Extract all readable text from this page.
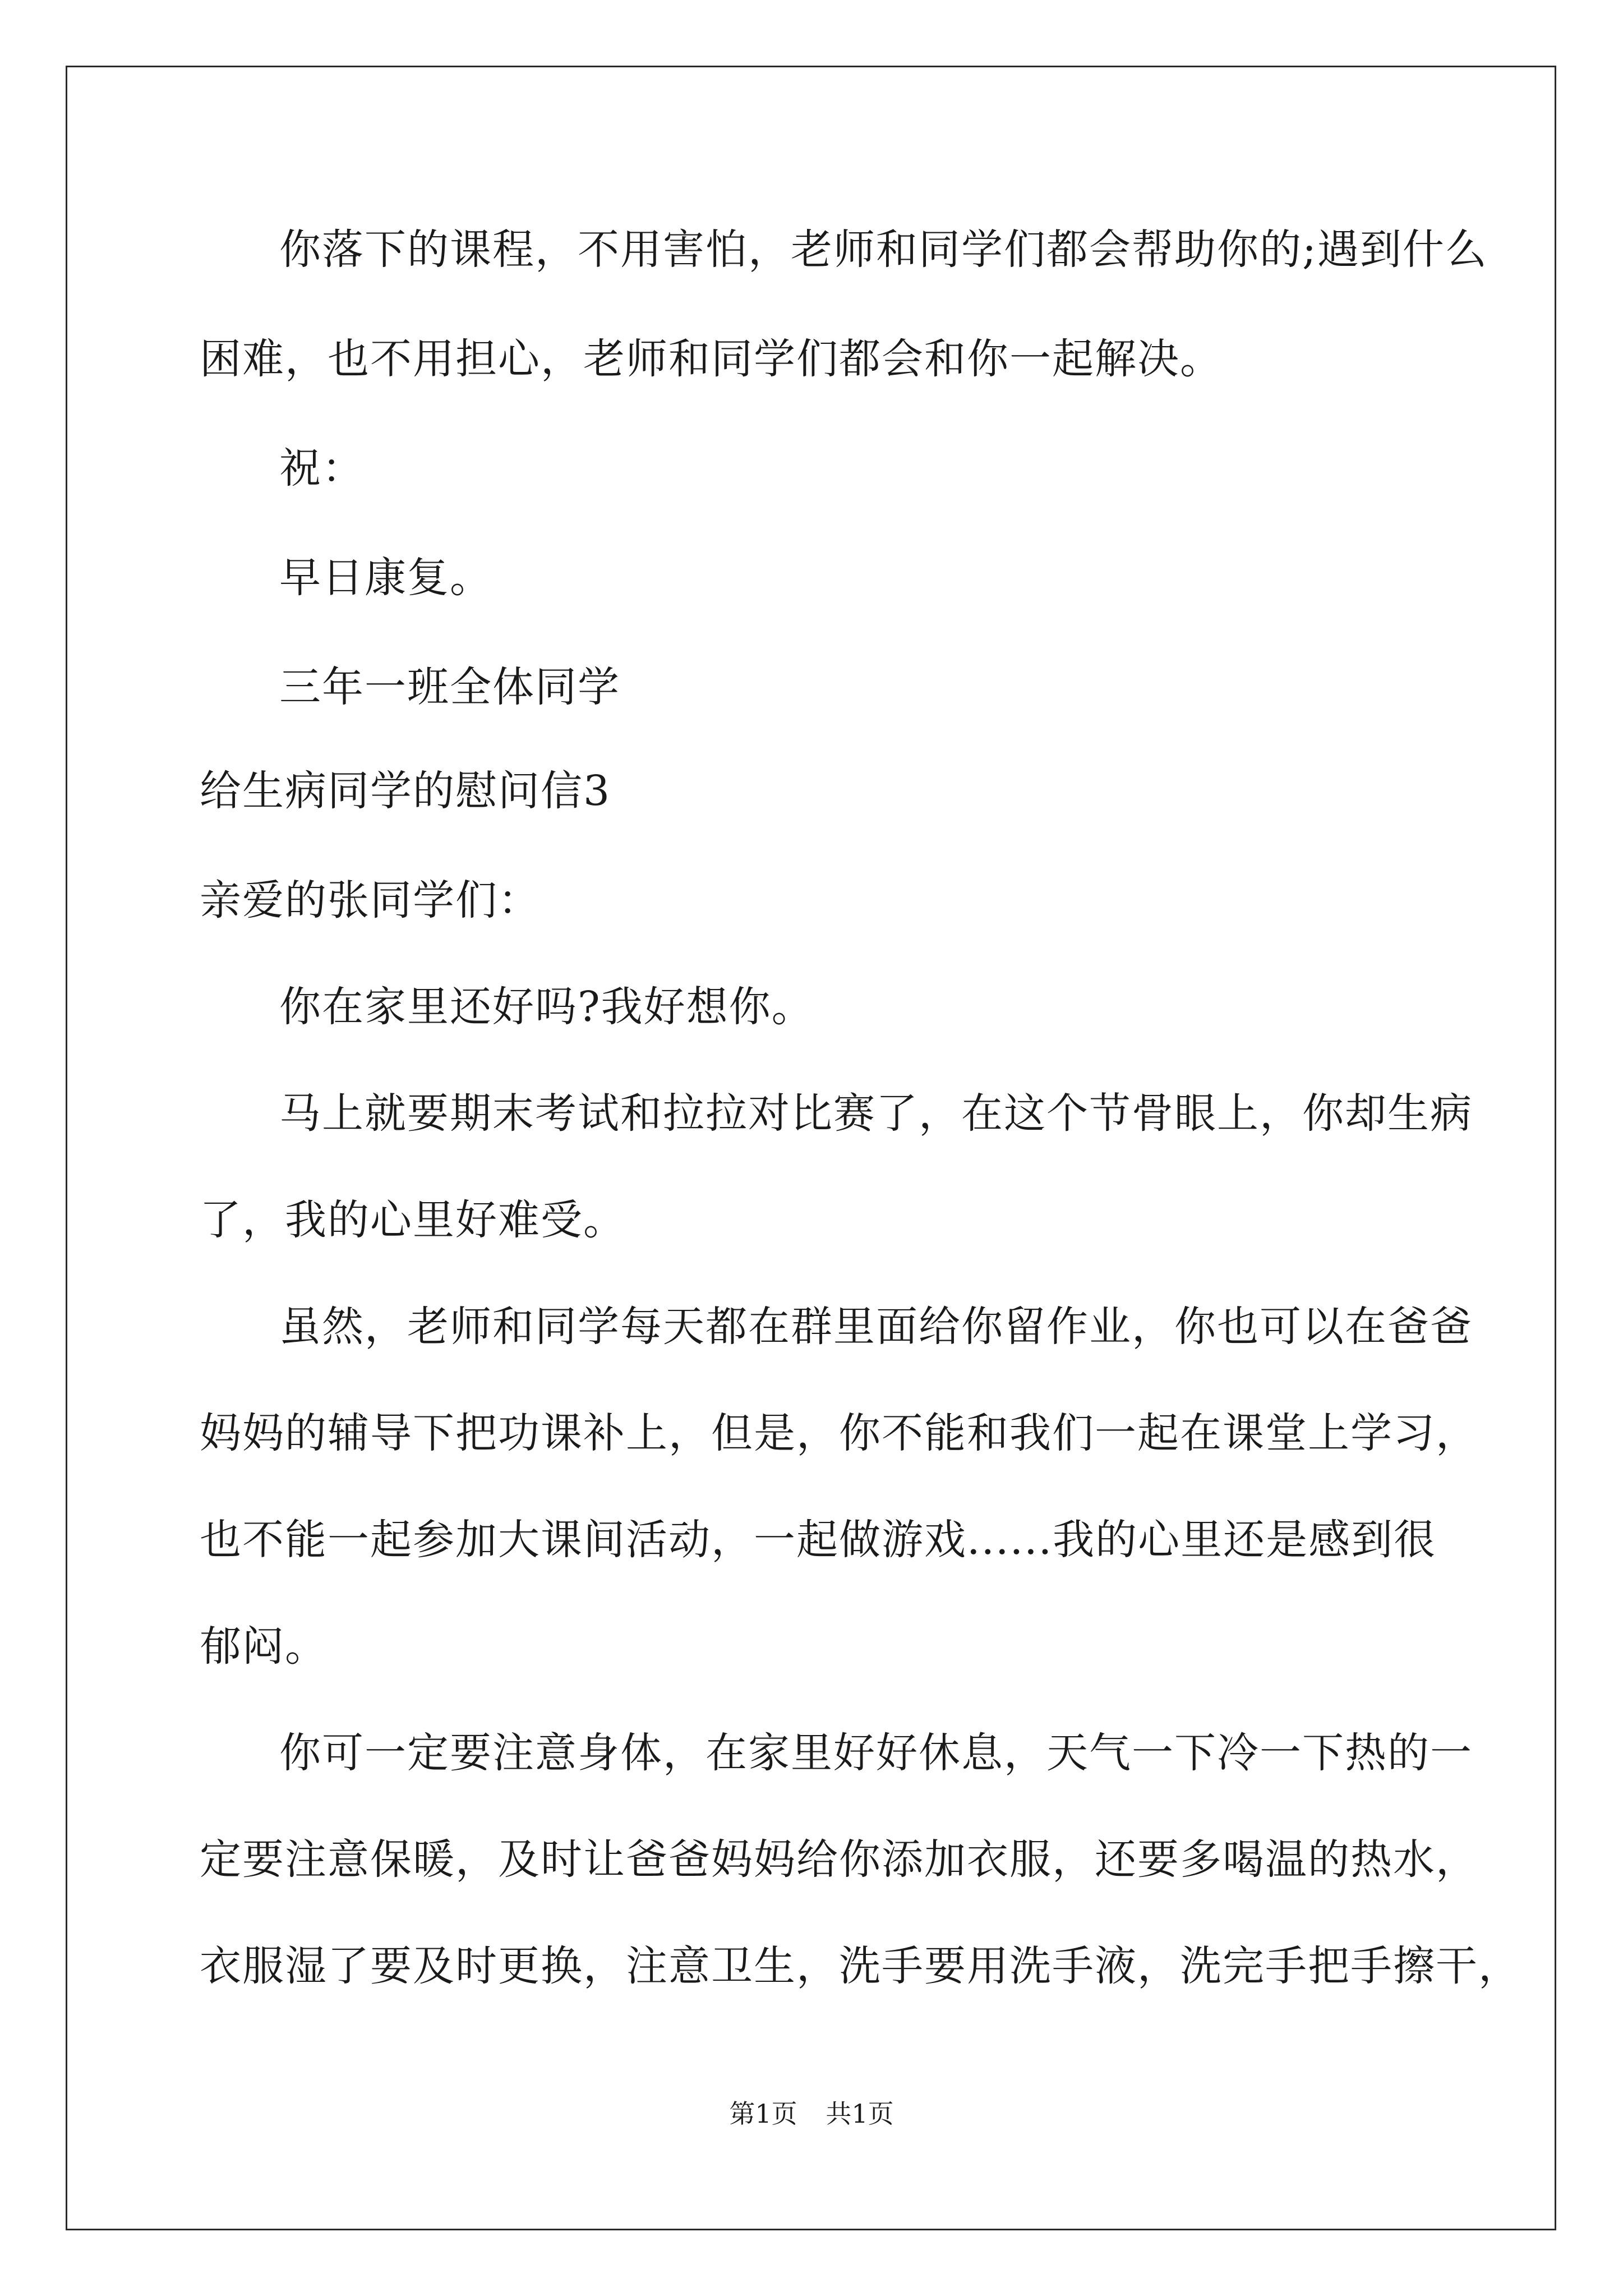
你落下的课程，不用害怕，老师和同学们都会帮助你的;遇到什么
困难，也不用担心，老师和同学们都会和你一起解决。
祝：
早日康复。
三年一班全体同学
给生病同学的慰问信3
亲爱的张同学们：
你在家里还好吗?我好想你。
马上就要期末考试和拉拉对比赛了，在这个节骨眼上，你却生病
了，我的心里好难受。
虽然，老师和同学每天都在群里面给你留作业，你也可以在爸爸
妈妈的辅导下把功课补上，但是，你不能和我们一起在课堂上学习，
也不能一起参加大课间活动，一起做游戏......我的心里还是感到很
郁闷。
你可一定要注意身体，在家里好好休息，天气一下冷一下热的一
定要注意保暖，及时让爸爸妈妈给你添加衣服，还要多喝温的热水，
衣服湿了要及时更换，注意卫生，洗手要用洗手液，洗完手把手擦干，
第1页 共1页
